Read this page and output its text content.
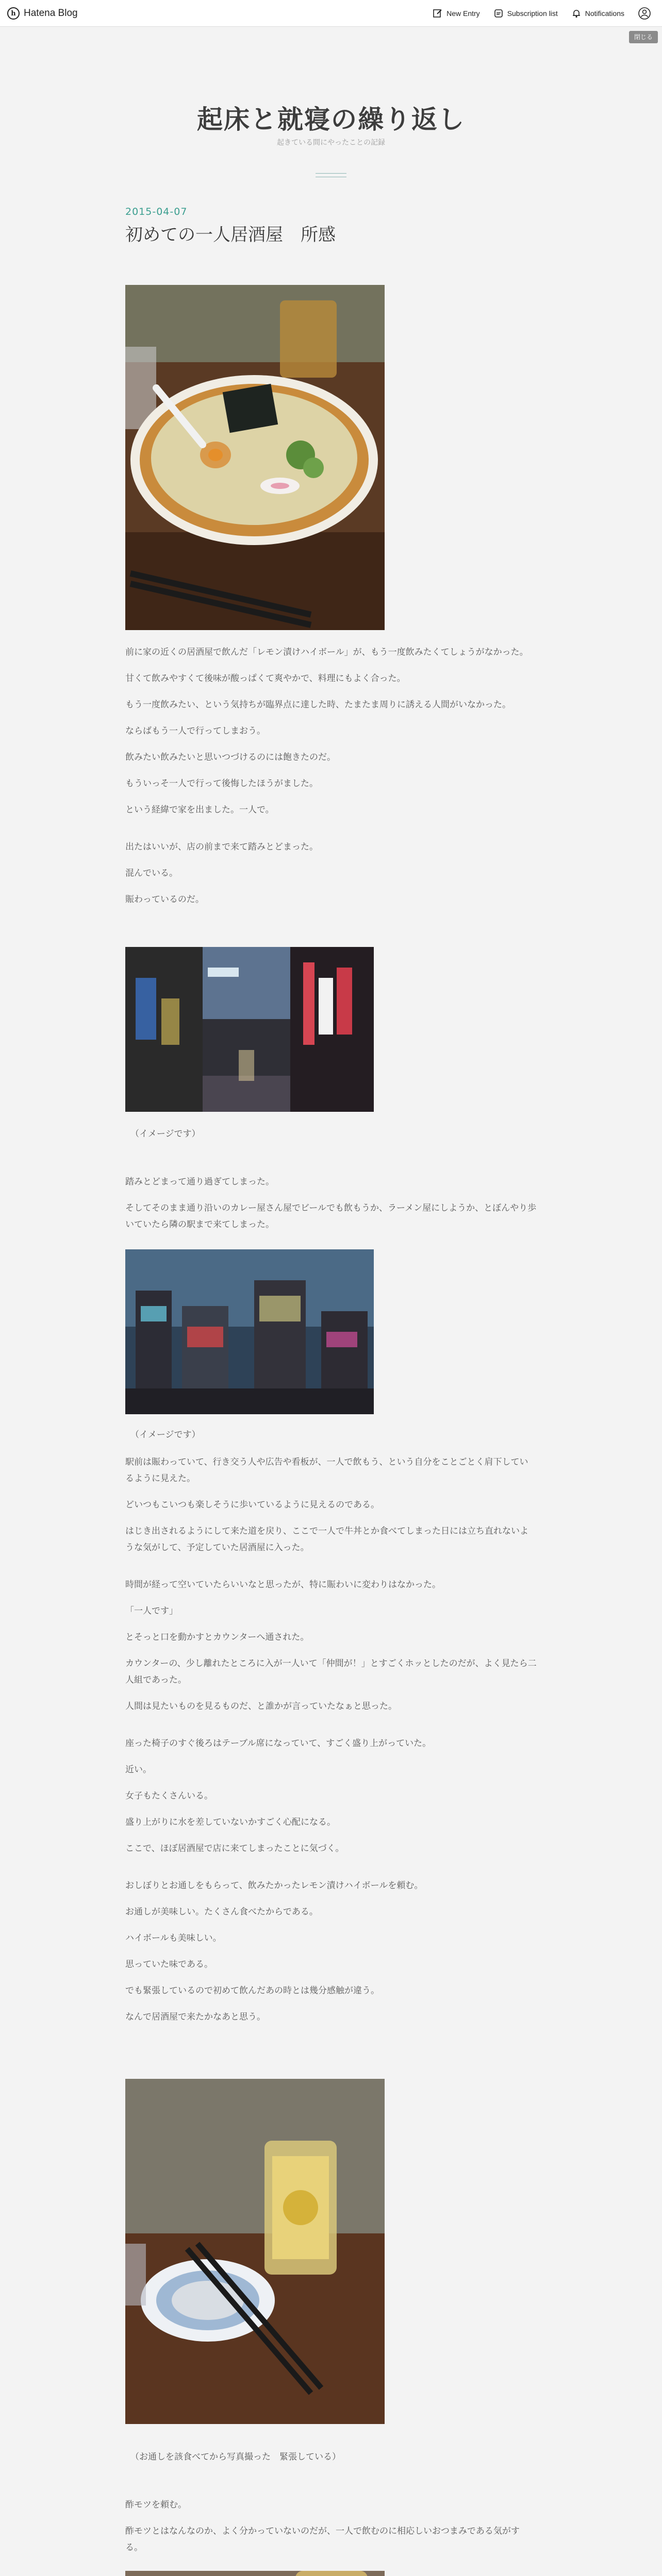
h Hatena Blog	New Entry	Subscription list	Notifications
閉じる
起床と就寝の繰り返し
起きている間にやったことの記録
2015-04-07
初めての一人居酒屋　所感

前に家の近くの居酒屋で飲んだ「レモン漬けハイボール」が、もう一度飲みたくてしょうがなかった。

甘くて飲みやすくて後味が酸っぱくて爽やかで、料理にもよく合った。

もう一度飲みたい、という気持ちが臨界点に達した時、たまたま周りに誘える人間がいなかった。

ならばもう一人で行ってしまおう。

飲みたい飲みたいと思いつづけるのには飽きたのだ。

もういっそ一人で行って後悔したほうがました。

という経緯で家を出ました。一人で。

出たはいいが、店の前まで来て踏みとどまった。

混んでいる。

賑わっているのだ。

（イメージです）

踏みとどまって通り過ぎてしまった。

そしてそのまま通り沿いのカレー屋さん屋でビールでも飲もうか、ラーメン屋にしようか、とぼんやり歩いていたら隣の駅まで来てしまった。

（イメージです）

駅前は賑わっていて、行き交う人や広告や看板が、一人で飲もう、という自分をことごとく肩下しているように見えた。

どいつもこいつも楽しそうに歩いているように見えるのである。

はじき出されるようにして来た道を戻り、ここで一人で牛丼とか食べてしまった日には立ち直れないような気がして、予定していた居酒屋に入った。

時間が経って空いていたらいいなと思ったが、特に賑わいに変わりはなかった。

「一人です」

とそっと口を動かすとカウンターへ通された。

カウンターの、少し離れたところに入が一人いて「仲間が！」とすごくホッとしたのだが、よく見たら二人組であった。

人間は見たいものを見るものだ、と誰かが言っていたなぁと思った。

座った椅子のすぐ後ろはテーブル席になっていて、すごく盛り上がっていた。

近い。

女子もたくさんいる。

盛り上がりに水を差していないかすごく心配になる。

ここで、ほぼ居酒屋で店に来てしまったことに気づく。

おしぼりとお通しをもらって、飲みたかったレモン漬けハイボールを頼む。

お通しが美味しい。たくさん食べたからである。

ハイボールも美味しい。

思っていた味である。

でも緊張しているので初めて飲んだあの時とは幾分感触が違う。

なんで居酒屋で来たかなあと思う。

（お通しを該食べてから写真撮った　緊張している）

酢モツを頼む。

酢モツとはなんなのか、よく分かっていないのだが、一人で飲むのに相応しいおつまみである気がする。
